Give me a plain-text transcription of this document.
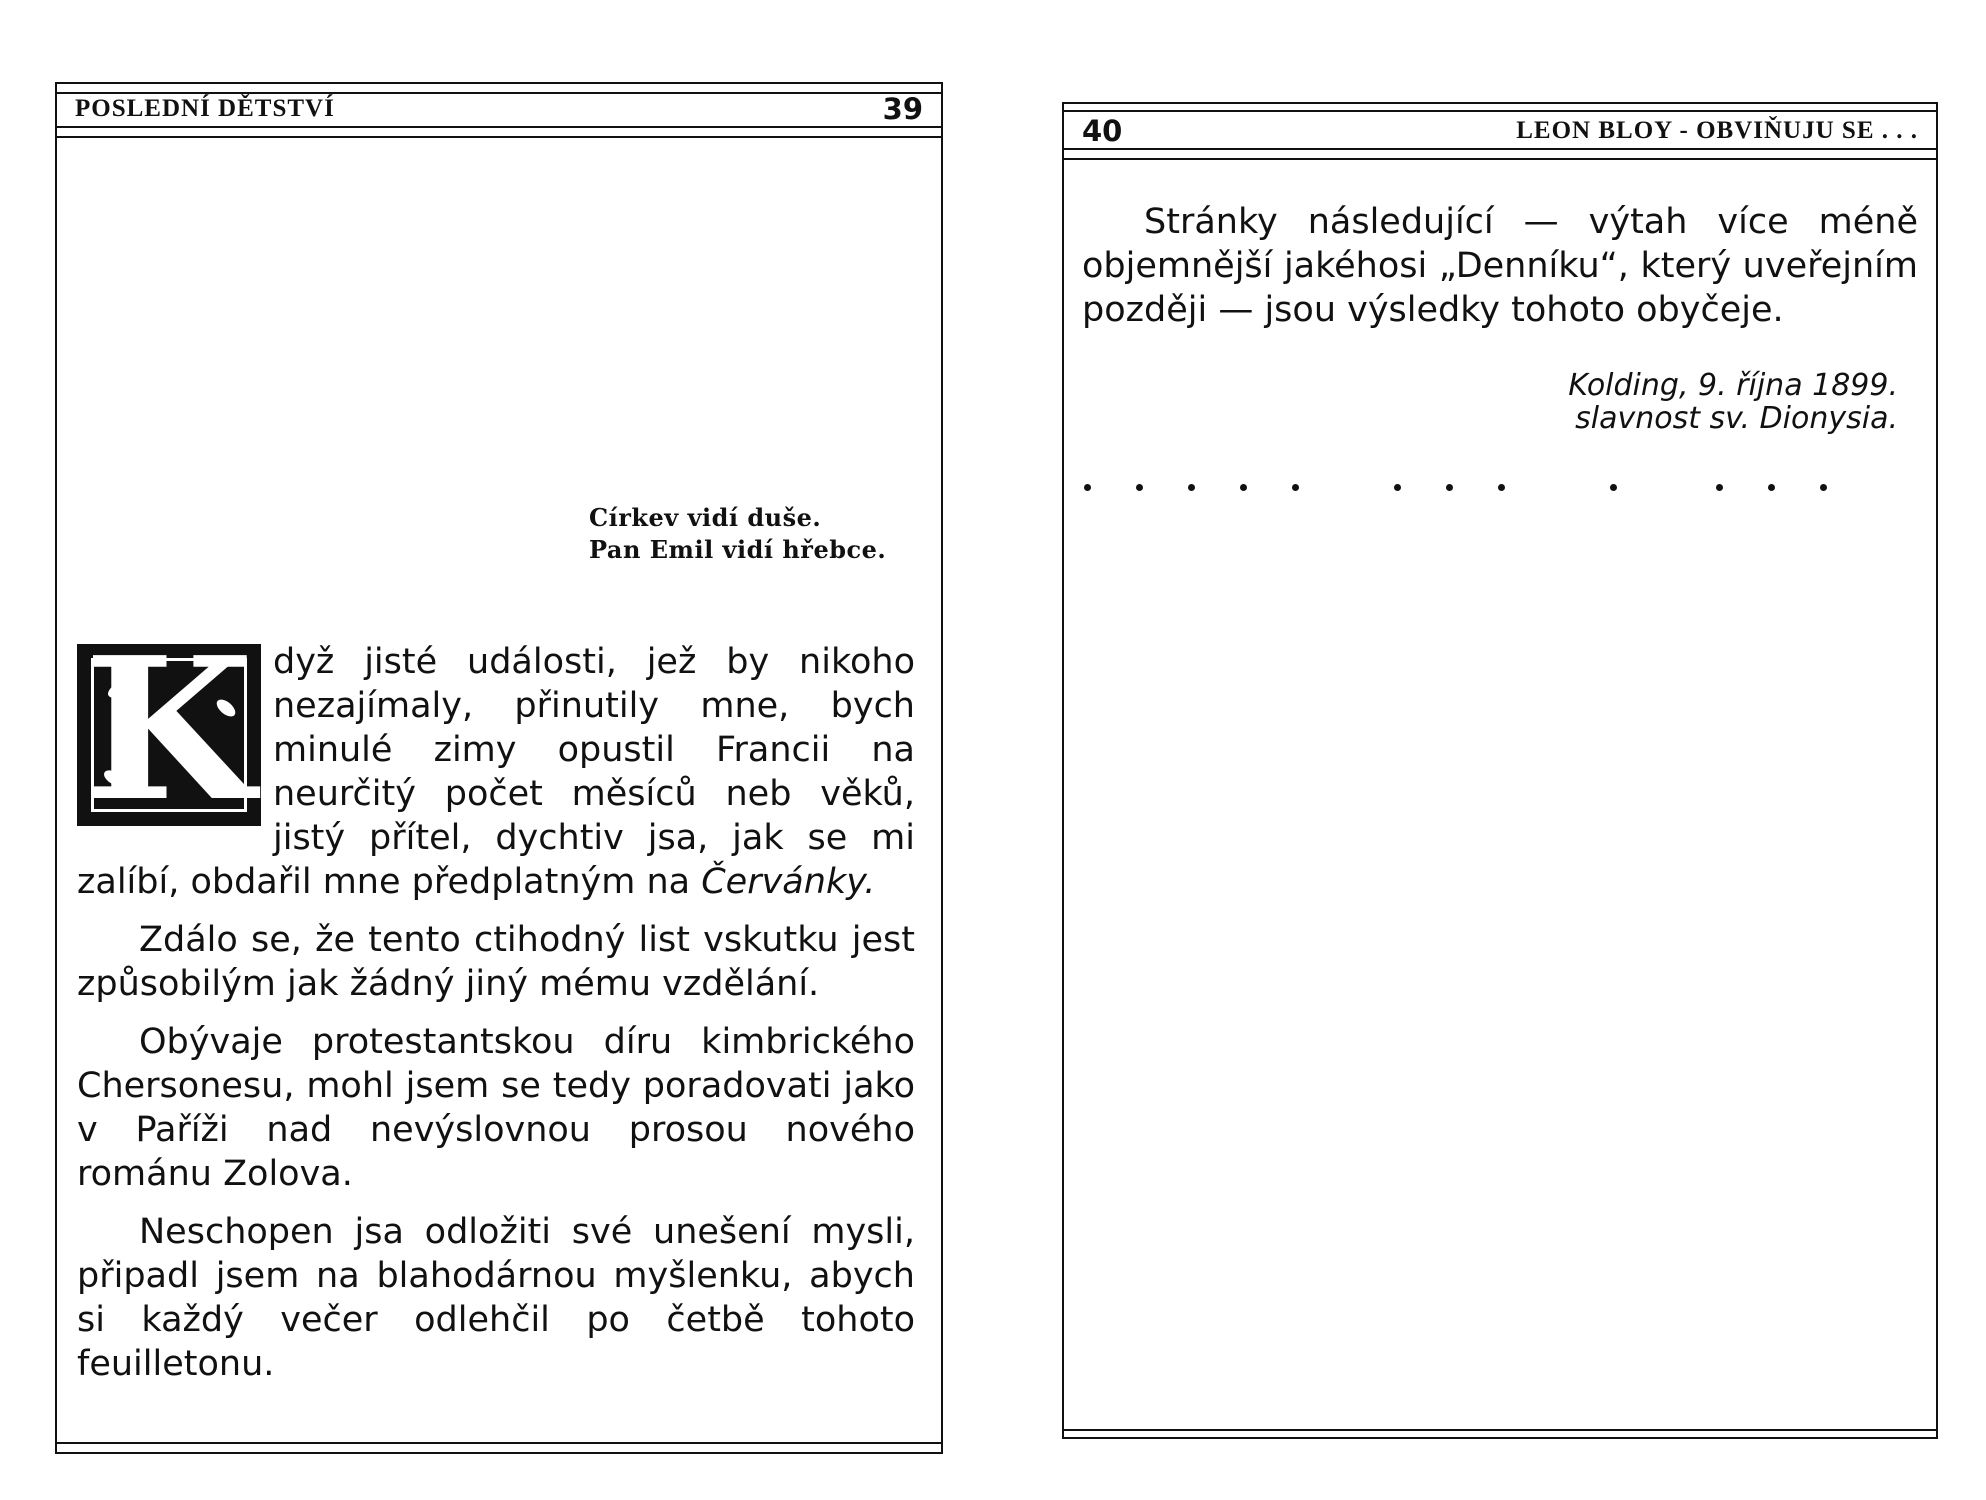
POSLEDNÍ DĚTSTVÍ	39
Církev vidí duše.
Pan Emil vidí hřebce.

K dyž jisté události, jež by nikoho nezajímaly, přinutily mne, bych minulé zimy opustil Francii na neurčitý počet měsíců neb věků, jistý přítel, dychtiv jsa, jak se mi zalíbí, obdařil mne předplatným na Červánky.

Zdálo se, že tento ctihodný list vskutku jest způsobilým jak žádný jiný mému vzdělání.

Obývaje protestantskou díru kimbrického Chersonesu, mohl jsem se tedy poradovati jako v Paříži nad nevýslovnou prosou nového románu Zolova.

Neschopen jsa odložiti své unešení mysli, připadl jsem na blahodárnou myšlenku, abych si každý večer odlehčil po četbě tohoto feuilletonu.

40	LEON BLOY - OBVIŇUJU SE . . .

Stránky následující — výtah více méně objemnější jakéhosi „Denníku“, který uveřejním později — jsou výsledky tohoto obyčeje.

Kolding, 9. října 1899.
slavnost sv. Dionysia.
